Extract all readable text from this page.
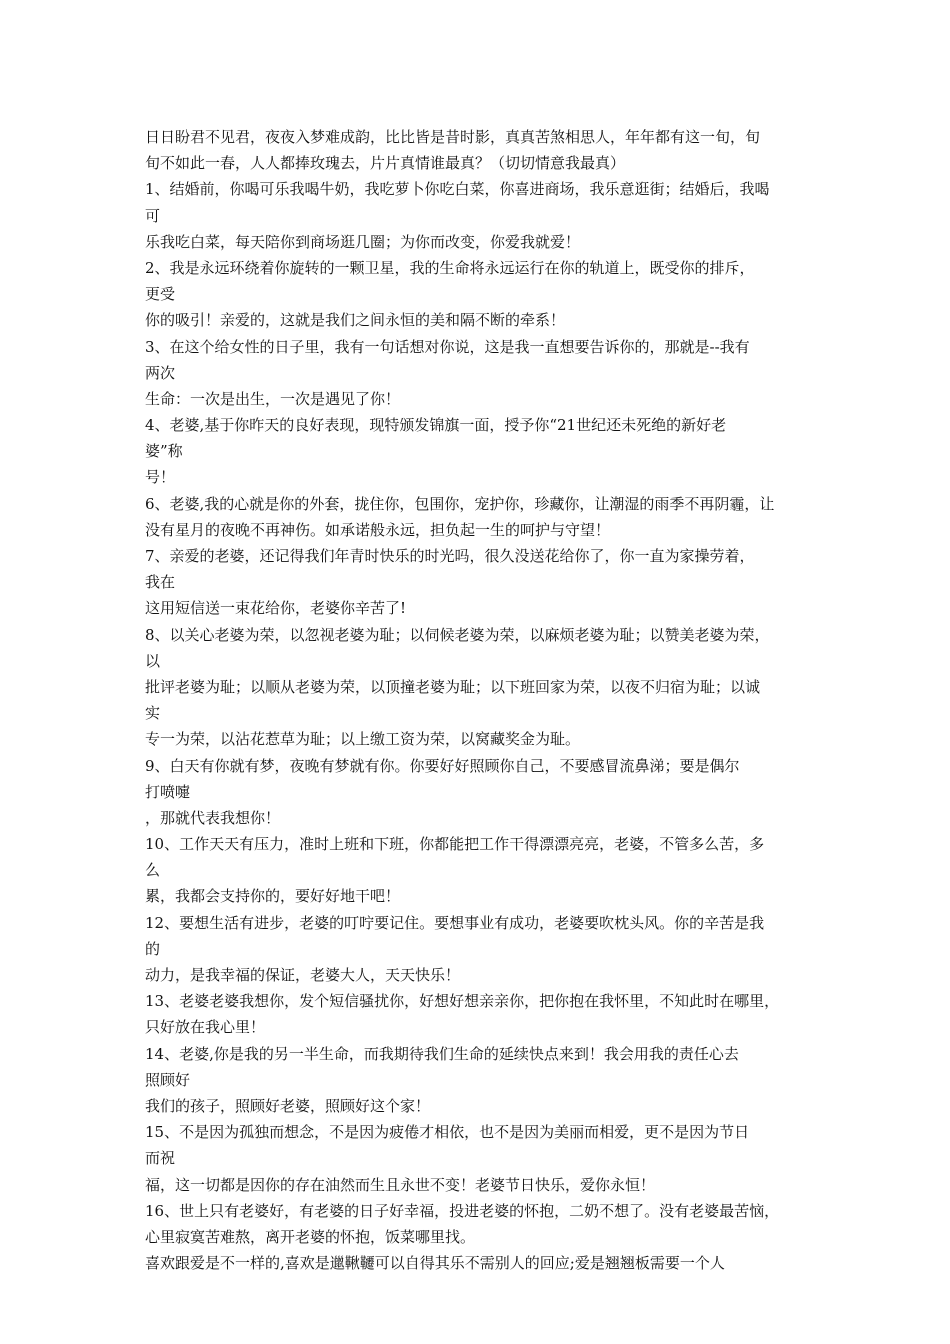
日日盼君不见君，夜夜入梦难成韵，比比皆是昔时影，真真苦煞相思人，年年都有这一旬，旬

旬不如此一春，人人都捧玫瑰去，片片真情谁最真？（切切情意我最真）

1、结婚前，你喝可乐我喝牛奶，我吃萝卜你吃白菜，你喜进商场，我乐意逛街；结婚后，我喝

可

乐我吃白菜，每天陪你到商场逛几圈；为你而改变，你爱我就爱！

2、我是永远环绕着你旋转的一颗卫星，我的生命将永远运行在你的轨道上，既受你的排斥，

更受

你的吸引！亲爱的，这就是我们之间永恒的美和隔不断的牵系！

3、在这个给女性的日子里，我有一句话想对你说，这是我一直想要告诉你的，那就是--我有

两次

生命：一次是出生，一次是遇见了你！

4、老婆,基于你昨天的良好表现，现特颁发锦旗一面，授予你“21世纪还未死绝的新好老

婆”称

号！

6、老婆,我的心就是你的外套，拢住你，包围你，宠护你，珍藏你，让潮湿的雨季不再阴霾，让

没有星月的夜晚不再神伤。如承诺般永远，担负起一生的呵护与守望！

7、亲爱的老婆，还记得我们年青时快乐的时光吗，很久没送花给你了，你一直为家操劳着，

我在

这用短信送一束花给你，老婆你辛苦了!

8、以关心老婆为荣，以忽视老婆为耻；以伺候老婆为荣，以麻烦老婆为耻；以赞美老婆为荣，

以

批评老婆为耻；以顺从老婆为荣，以顶撞老婆为耻；以下班回家为荣，以夜不归宿为耻；以诚

实

专一为荣，以沾花惹草为耻；以上缴工资为荣，以窝藏奖金为耻。

9、白天有你就有梦，夜晚有梦就有你。你要好好照顾你自己，不要感冒流鼻涕；要是偶尔

打喷嚏

，那就代表我想你！

10、工作天天有压力，准时上班和下班，你都能把工作干得漂漂亮亮，老婆，不管多么苦，多

么

累，我都会支持你的，要好好地干吧！

12、要想生活有进步，老婆的叮咛要记住。要想事业有成功，老婆要吹枕头风。你的辛苦是我

的

动力，是我幸福的保证，老婆大人，天天快乐！

13、老婆老婆我想你，发个短信骚扰你，好想好想亲亲你，把你抱在我怀里，不知此时在哪里，

只好放在我心里！

14、老婆,你是我的另一半生命，而我期待我们生命的延续快点来到！我会用我的责任心去

照顾好

我们的孩子，照顾好老婆，照顾好这个家！

15、不是因为孤独而想念，不是因为疲倦才相依，也不是因为美丽而相爱，更不是因为节日

而祝

福，这一切都是因你的存在油然而生且永世不变！老婆节日快乐，爱你永恒！

16、世上只有老婆好，有老婆的日子好幸福，投进老婆的怀抱，二奶不想了。没有老婆最苦恼，

心里寂寞苦难熬，离开老婆的怀抱，饭菜哪里找。

喜欢跟爱是不一样的,喜欢是邋鞦韆可以自得其乐不需别人的回应;爱是翘翘板需要一个人
